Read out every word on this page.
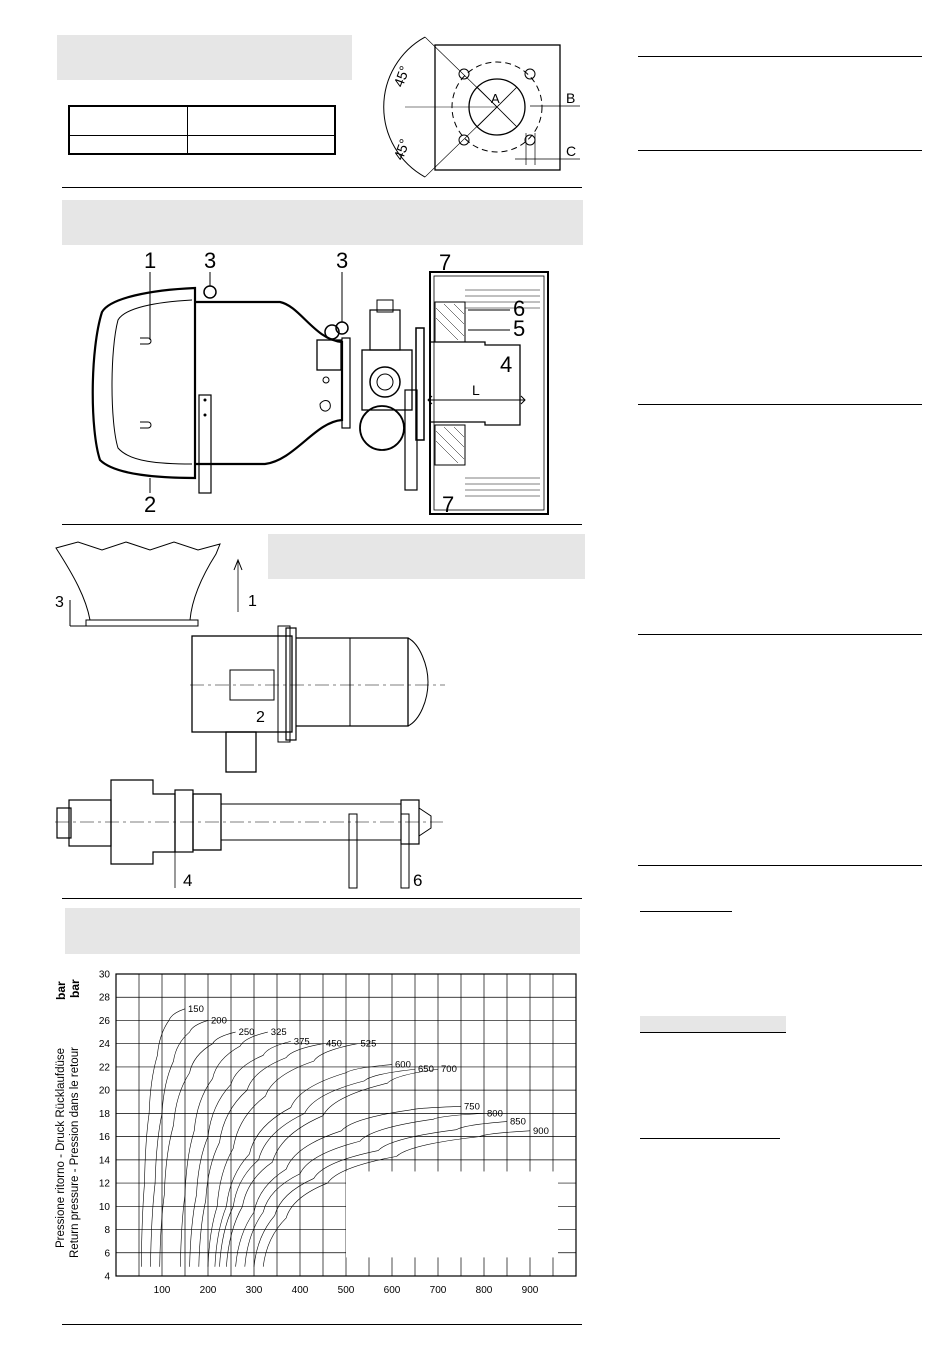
45°
45°
A	B
C
1 3	3	7
6
5
4
2	7
L
3	1
2
4	6
Pressione ritorno - Druck Rücklaufdüse Return pressure - Pression dans le retour
bar bar
100	200	300	400	500	600	700	800	900
4
6
8
10
12
14
16
18
20
22
24
26
28
30
150
200
250 325
375 450 525
600 650 700
750
800
850
900
